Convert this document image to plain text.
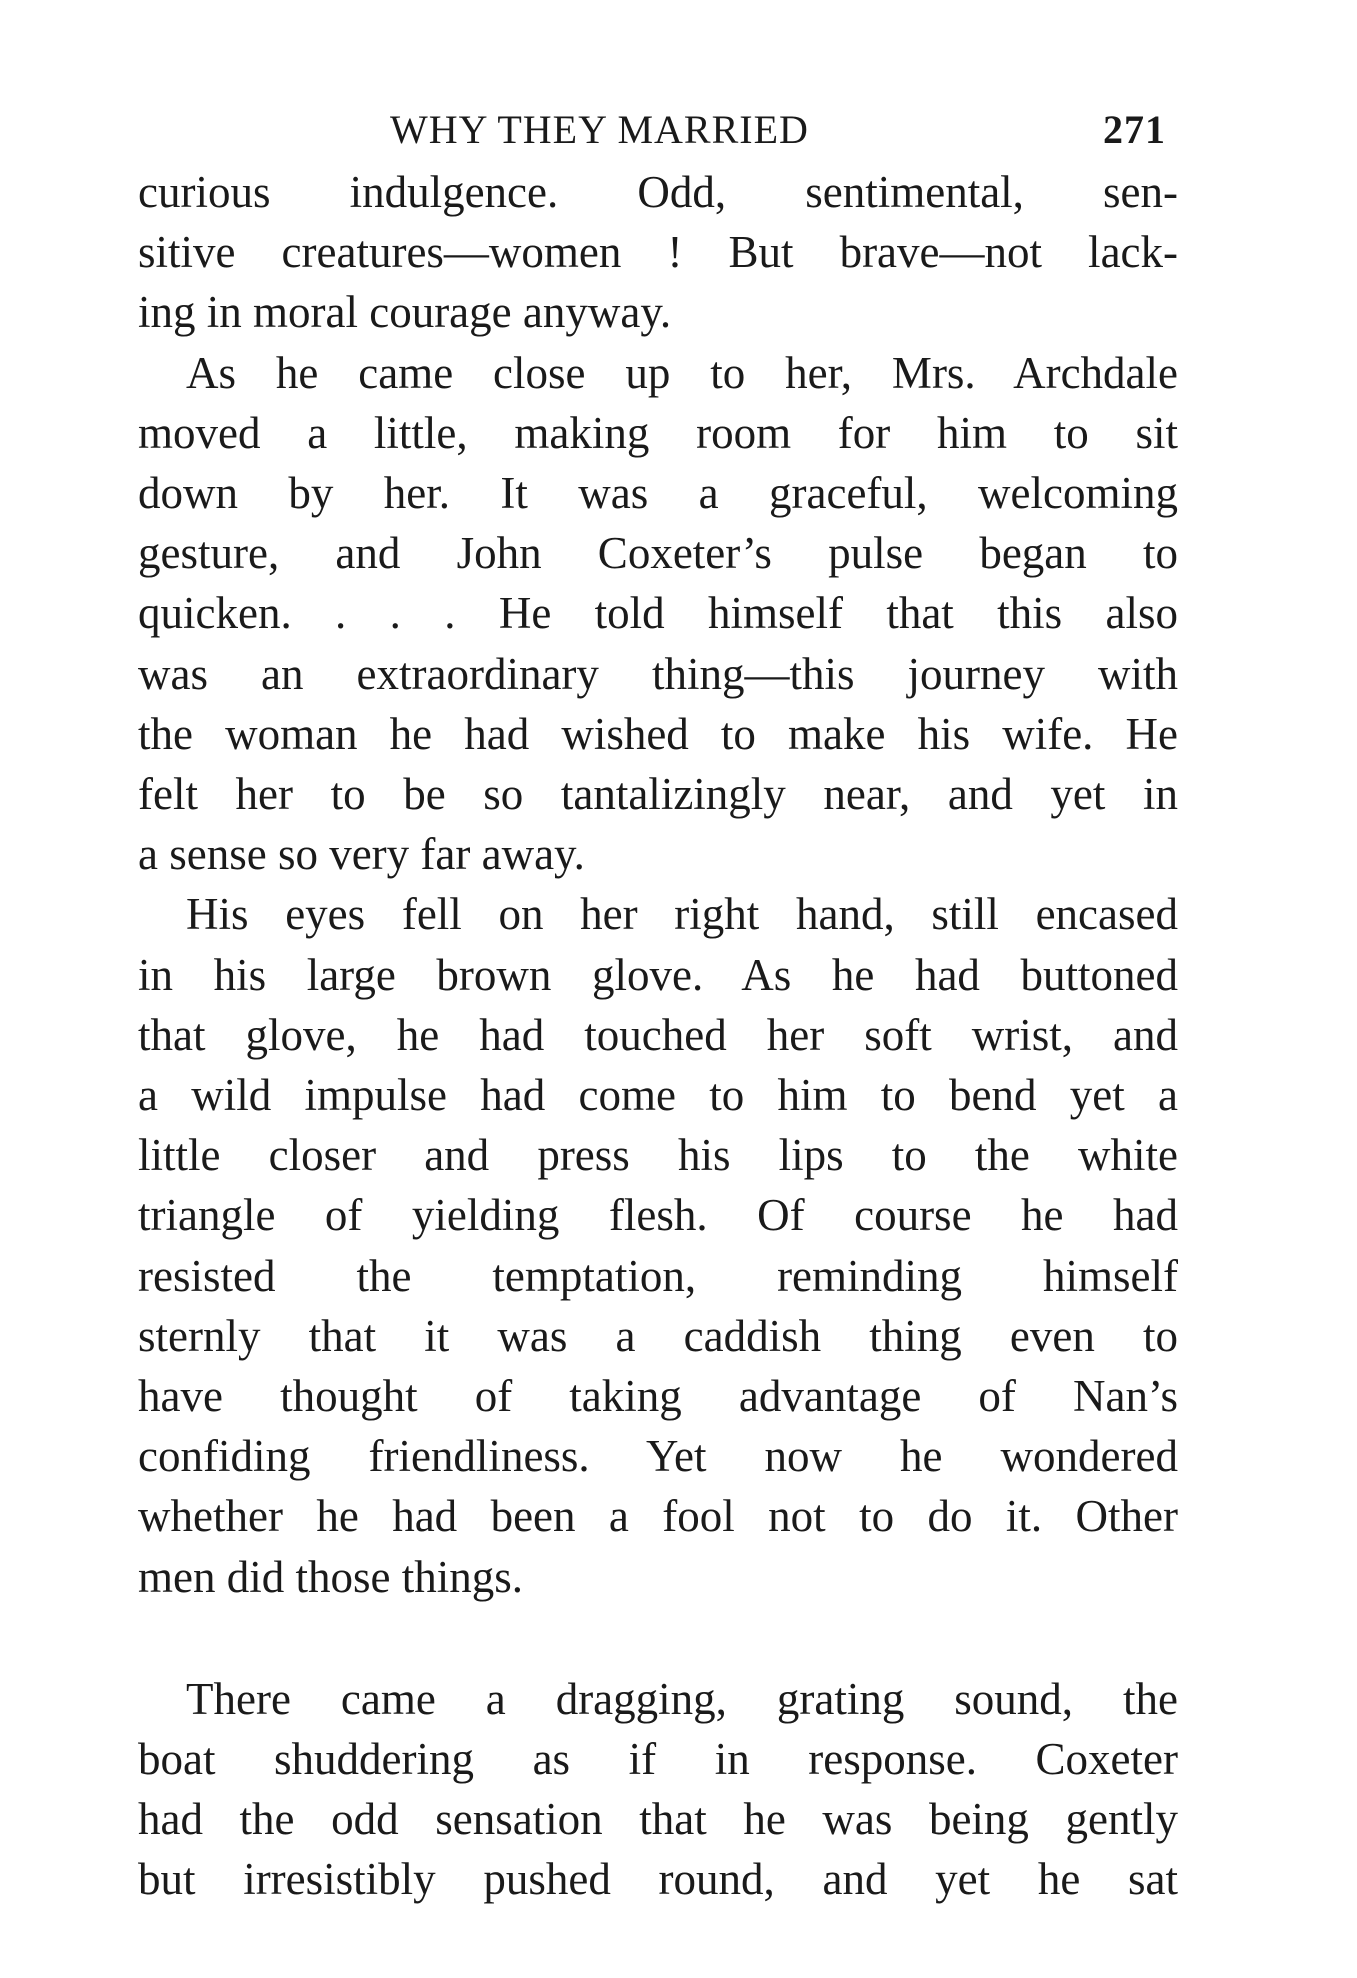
WHY THEY MARRIED	271

curious indulgence. Odd, sentimental, sen-
sitive creatures—women ! But brave—not lack-
ing in moral courage anyway.

As he came close up to her, Mrs. Archdale
moved a little, making room for him to sit
down by her. It was a graceful, welcoming
gesture, and John Coxeter’s pulse began to
quicken. . . . He told himself that this also
was an extraordinary thing—this journey with
the woman he had wished to make his wife. He
felt her to be so tantalizingly near, and yet in
a sense so very far away.

His eyes fell on her right hand, still encased
in his large brown glove. As he had buttoned
that glove, he had touched her soft wrist, and
a wild impulse had come to him to bend yet a
little closer and press his lips to the white
triangle of yielding flesh. Of course he had
resisted the temptation, reminding himself
sternly that it was a caddish thing even to
have thought of taking advantage of Nan’s
confiding friendliness. Yet now he wondered
whether he had been a fool not to do it. Other
men did those things.

There came a dragging, grating sound, the
boat shuddering as if in response. Coxeter
had the odd sensation that he was being gently
but irresistibly pushed round, and yet he sat
